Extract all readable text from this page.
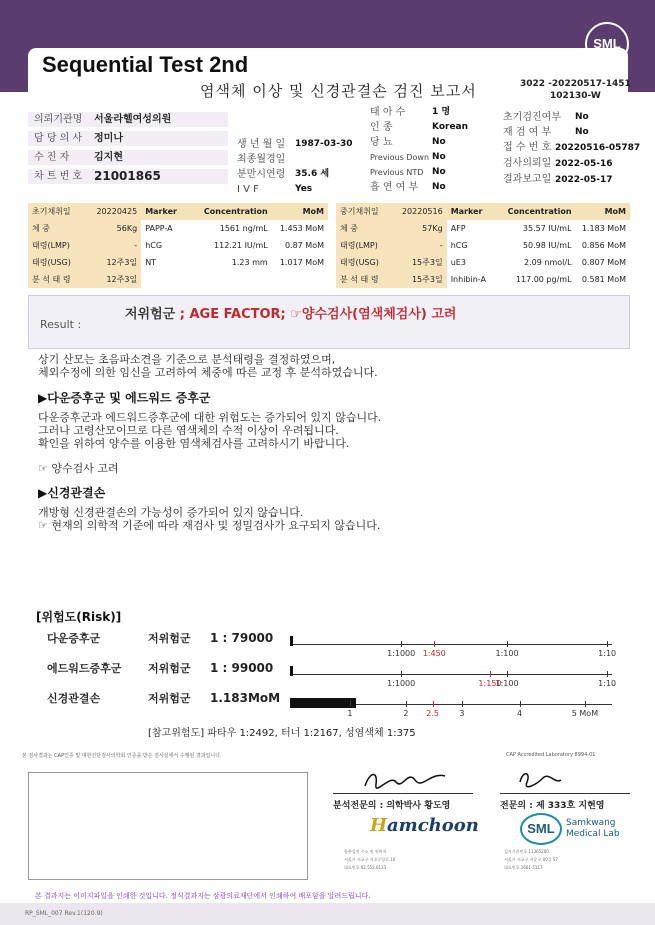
SML
Sequential Test 2nd
염색체 이상 및 신경관결손 검진 보고서	3022 -20220517-1451
102130-W
의뢰기관명	서울라헬여성의원
담 당 의 사	정미나
수 진 자	김지현
차 트 번 호 21001865
생 년 월 일	1987-03-30
최종월경일
분만시연령	35.6 세
I V F	Yes
태 아 수	1 명
인 종	Korean
당 뇨	No
Previous Down No
Previous NTD No
흡 연 여 부	No
초기검진여부	No
재 검 여 부	No
접 수 번 호 20220516-05787
검사의뢰일 2022-05-16
결과보고일 2022-05-17
초기채취일	20220425	Marker	Concentration	MoM
체 중	56Kg	PAPP-A	1561 ng/mL	1.453 MoM
태령(LMP)	-	hCG	112.21 IU/mL	0.87 MoM
태령(USG)	12주3일	NT	1.23 mm	1.017 MoM
분 석 태 령	12주3일			
중기채취일	20220516	Marker	Concentration	MoM
체 중	57Kg	AFP	35.57 IU/mL	1.183 MoM
태령(LMP)	-	hCG	50.98 IU/mL	0.856 MoM
태령(USG)	15주3일	uE3	2.09 nmol/L	0.807 MoM
분 석 태 령	15주3일	Inhibin-A	117.00 pg/mL	0.581 MoM
Result :
저위험군 ; AGE FACTOR; ☞양수검사(염색체검사) 고려
상기 산모는 초음파소견을 기준으로 분석태령을 결정하였으며,
체외수정에 의한 임신을 고려하여 체중에 따른 교정 후 분석하였습니다.
▶다운증후군 및 에드워드 증후군
다운증후군과 에드워드증후군에 대한 위험도는 증가되어 있지 않습니다.
그러나 고령산모이므로 다른 염색체의 수적 이상이 우려됩니다.
확인을 위하여 양수를 이용한 염색체검사를 고려하시기 바랍니다.
☞ 양수검사 고려
▶신경관결손
개방형 신경관결손의 가능성이 증가되어 있지 않습니다.
☞ 현재의 의학적 기준에 따라 재검사 및 정밀검사가 요구되지 않습니다.
[위험도(Risk)]
다운증후군	저위험군 1 : 79000
1:1000 1:450	1:100	1:10
에드워드증후군 저위험군 1 : 99000
1:1000	1:150
1:100	1:10
신경관결손	저위험군 1.183MoM
1	2	2.5	3	4	5 MoM
[참고위험도] 파타우 1:2492, 터너 1:2167, 성염색체 1:375
본 검사결과는 CAP인증 및 대한진단검사의학회 인증을 받은 검사실에서 수행된 결과입니다.	CAP Accredited Laboratory 8994-01
분석전문의 : 의학박사 황도영	전문의 : 제 333호 지현영
Hamchoon	SML	Samkwang Medical Lab
함춘검진 주소 및 연락처
서울시 서초구 서초중앙로 10
대표번호 02.552.0123
검사기관번호 11365200
서울시 서초구 서운로 00길 57
대표번호 1661-5117
본 결과지는 이미지파일을 인쇄한 것입니다. 정식결과지는 삼광의료재단에서 인쇄하여 배포함을 알려드립니다.
RP_SML_007 Rev.1(120.9)
